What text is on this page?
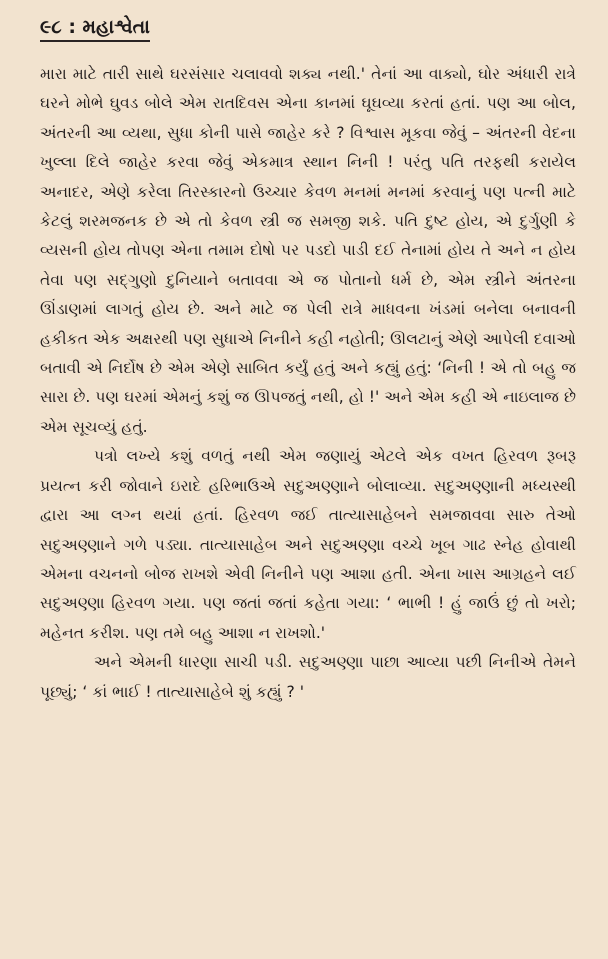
૯૮ : મહાશ્વેતા

મારા માટે તારી સાથે ઘરસંસાર ચલાવવો શક્ય નથી.' તેનાં આ વાક્યો, ઘોર અંધારી રાત્રે ઘરને મોભે ઘુવડ બોલે એમ રાતદિવસ એના કાનમાં ઘૂઘવ્યા કરતાં હતાં. પણ આ બોલ, અંતરની આ વ્યથા, સુધા કોની પાસે જાહેર કરે ? વિશ્વાસ મૂકવા જેવું – અંતરની વેદના ખુલ્લા દિલે જાહેર કરવા જેવું એકમાત્ર સ્થાન નિની ! પરંતુ પતિ તરફથી કરાયેલ અનાદર, એણે કરેલા તિરસ્કારનો ઉચ્ચાર કેવળ મનમાં મનમાં કરવાનું પણ પત્ની માટે કેટલું શરમજનક છે એ તો કેવળ સ્ત્રી જ સમજી શકે. પતિ દુષ્ટ હોય, એ દુર્ગુણી કે વ્યસની હોય તોપણ એના તમામ દોષો પર પડદો પાડી દઈ તેનામાં હોય તે અને ન હોય તેવા પણ સદ્ગુણો દુનિયાને બતાવવા એ જ પોતાનો ધર્મ છે, એમ સ્ત્રીને અંતરના ઊંડાણમાં લાગતું હોય છે. અને માટે જ પેલી રાત્રે માધવના ખંડમાં બનેલા બનાવની હકીકત એક અક્ષરથી પણ સુધાએ નિનીને કહી નહોતી; ઊલટાનું એણે આપેલી દવાઓ બતાવી એ નિર્દોષ છે એમ એણે સાબિત કર્યું હતું અને કહ્યું હતું: ‘નિની ! એ તો બહુ જ સારા છે. પણ ઘરમાં એમનું કશું જ ઊપજતું નથી, હો !' અને એમ કહી એ નાઇલાજ છે એમ સૂચવ્યું હતું.

પત્રો લખ્યે કશું વળતું નથી એમ જણાયું એટલે એક વખત હિરવળ રૂબરૂ પ્રયત્ન કરી જોવાને ઇરાદે હરિભાઉએ સદુઅણ્ણાને બોલાવ્યા. સદુઅણ્ણાની મધ્યસ્થી દ્વારા આ લગ્ન થયાં હતાં. હિરવળ જઈ તાત્યાસાહેબને સમજાવવા સારુ તેઓ સદુઅણ્ણાને ગળે પડ્યા. તાત્યાસાહેબ અને સદુઅણ્ણા વચ્ચે ખૂબ ગાઢ સ્નેહ હોવાથી એમના વચનનો બોજ રાખશે એવી નિનીને પણ આશા હતી. એના ખાસ આગ્રહને લઈ સદુઅણ્ણા હિરવળ ગયા. પણ જતાં જતાં કહેતા ગયા: ‘ ભાભી ! હું જાઉં છું તો ખરો; મહેનત કરીશ. પણ તમે બહુ આશા ન રાખશો.'

અને એમની ધારણા સાચી પડી. સદુઅણ્ણા પાછા આવ્યા પછી નિનીએ તેમને પૂછ્યું; ‘ કાં ભાઈ ! તાત્યાસાહેબે શું કહ્યું ? '
